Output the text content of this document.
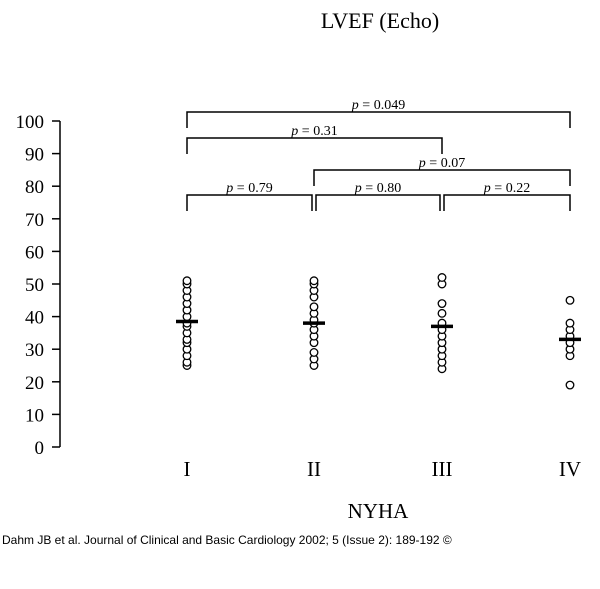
LVEF (Echo)
0
10
20
30
40
50
60
70
80
90
100
p = 0.049
p = 0.31
p = 0.07
p = 0.79	p = 0.80	p = 0.22
I	II	III	IV
NYHA
Dahm JB et al. Journal of Clinical and Basic Cardiology 2002; 5 (Issue 2): 189-192 ©
